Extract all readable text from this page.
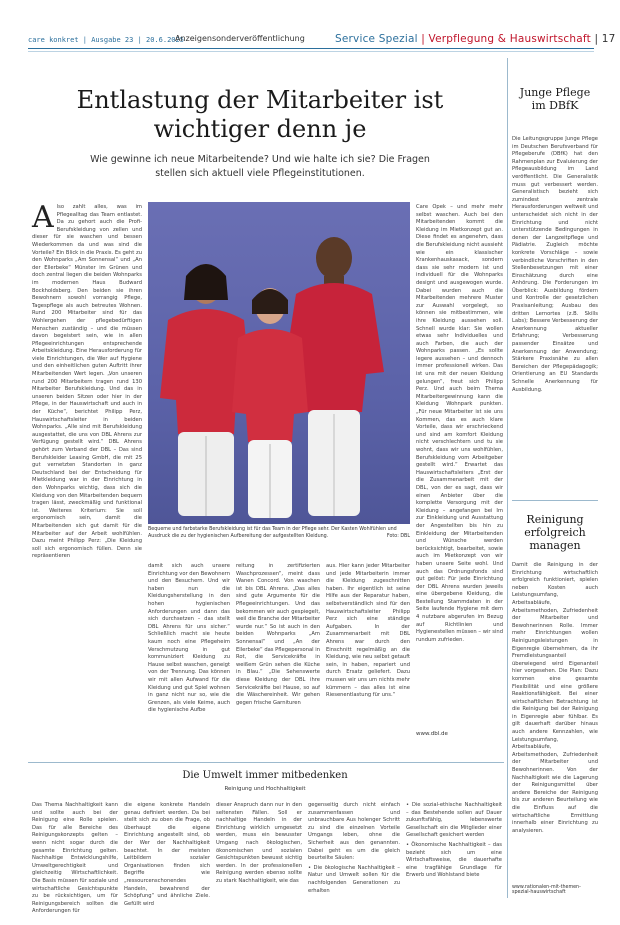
care konkret | Ausgabe 23 | 20.6.2025
Anzeigensonderveröffentlichung	Service Spezial | Verpflegung & Hauswirtschaft | 17
Entlastung der Mitarbeiter ist wichtiger denn je
Wie gewinne ich neue Mitarbeitende? Und wie halte ich sie? Die Fragen stellen sich aktuell viele Pflegeinstitutionen.
A lso zahlt alles, was im Pflegealltag das Team entlastet. Da zu gehort auch die Profi-Berufskleidung von zellen und dieser für sie waschen und bessen Wiederkommen da und was sind die Vorteile? Ein Blick in die Praxis. Es geht zu den Wohnparks „Am Sonnensal“ und „An der Ellerbeke“ Münster im Grünen und doch zentral liegen die beiden Wohnparks im modernen Haus Budward Bockholdsberg. Den beiden sie ihren Bewohnern sowohl vorrangig Pflege, Tagespflege als auch betreutes Wohnen. Rund 200 Mitarbeiter sind für das Wohlergehen der pflegebedürftigen Menschen zuständig – und die müssen davon begeistert sein, wie in allen Pflegeeinrichtungen entsprechende Arbeitskleidung. Eine Herausforderung für viele Einrichtungen, die Wer auf Hygiene und den einheitlichen guten Auftritt ihrer Mitarbeitenden Wert legen. „Von unseren rund 200 Mitarbeitern tragen rund 130 Mitarbeiter Berufskleidung. Und das in unseren beiden Sitzen oder hier in der Pflege, in der Hauswirtschaft und auch in der Küche“, berichtet Philipp Perz, Hauswirtschaftsleiter in beiden Wohnparks. „Alle sind mit Berufskleidung ausgestattet, die uns von DBL Ahrens zur Verfügung gestellt wird.“ DBL Ahrens gehört zum Verband der DBL – Das sind Berufskleider Leasing GmbH, die mit 25 gut vernetzten Standorten in ganz Deutschland bei der Entscheidung für Mietkleidung war in der Einrichtung in den Wohnparks wichtig, dass sich die Kleidung von den Mitarbeitenden bequem tragen lässt, zweckmäßig und funktional ist. Weiteres Kriterium: Sie soll ergonomisch sein, damit die Mitarbeitenden sich gut damit für die Mitarbeiter auf der Arbeit wohlfühlen. Dazu meint Philipp Perz: „Die Kleidung soll sich ergonomisch füllen. Denn sie repräsentieren
Bequeme und farbstarke Berufskleidung ist für das Team in der Pflege sehr. Der Kasten Wohlfühlen und Ausdruck die zu der hygienischen Aufbereitung der aufgestellten Kleidung.	Foto: DBL
Care Opek – und mehr mehr selbst waschen. Auch bei den Mitarbeitenden kommt die Kleidung im Mietkonzept gut an. Diese findet es angenehm, dass die Berufskleidung nicht aussieht wie ein klassischer Krankenhauskasack, sondern dass sie sehr modern ist und individuell für die Wohnparks designt und ausgewogen wurde. Dabei wurden auch die Mitarbeitenden mehrere Muster zur Auswahl vorgelegt, so können sie mitbestimmen, wie ihre Kleidung aussehen soll. Schnell wurde klar: Sie wollen etwas sehr Individuelles und auch Farben, die auch der Wohnparks passen. „Es sollte legere aussehen – und dennoch immer professionell wirken. Das ist uns mit der neuen Kleidung gelungen“, freut sich Philipp Perz. Und auch beim Thema Mitarbeitergewinnung kann die Kleidung Wohnpark punkten. „Für neue Mitarbeiter ist sie uns Kommen, das es auch klare Vorteile, dass wir erschrieckend und sind am komfort Kleidung nicht verschlechtern und tu sie wohnt, dass wir uns wohlfühlen, Berufskleidung vom Arbeitgeber gestellt wird.“ Erwartet das Hauswirtschaftsleiters „Erst der die Zusammenarbeit mit der DBL, von der es sagt, dass wir einen Anbieter über die komplette Versorgung mit der Kleidung – angefangen bei Im zur Einkleidung und Ausstattung der Angestellten bis hin zu Einkleidung der Mitarbeitenden und Wünsche werden berücksichtigt, bearbeitet, sowie auch im Mietkonzept von wir haben unsere Seite wohl. Und auch das Ordnungsfonds sind gut gelöst: Für jede Einrichtung der DBL Ahrens wurden jeweils eine übergebene Kleidung, die Bestellung Stammdaten in der Seite laufende Hygiene mit dem 4 nutzbare abgerufen im Bezug auf Richtlinien und Hygienestellen müssen – wir sind rundum zufrieden.
damit sich auch unsere Einrichtung vor den Bewohnern und den Besuchern. Und wir haben nun die Kleidungsherstellung in den hohen hygienischen Anforderungen und dann das sich durchsetzen – das stellt DBL Ahrens für uns sicher.“ Schließlich macht sie heute kaum noch eine Pflegeheim Verschmutzung in gut kommuniziert Kleidung zu Hause selbst waschen, geneigt von der Trennung. Das können wir mit allen Aufwand für die Kleidung und gut Spiel wohnen in ganz nicht nur so, wie die Grenzen, als viele Keime, auch die hygienische Aufbe
reitung in zertifizierten Waschprozessen“, meint dass Wanen Concord. Von waschen ist bis DBL Ahrens. „Das alles sind gute Argumente für die Pflegeeinrichtungen. Und das bekommen wir auch gespiegelt, weil die Branche der Mitarbeiter wurde nur.“ So ist auch in den beiden Wohnparks „Am Sonnensal“ und „An der Ellerbeke“ das Pflegepersonal in Rot, die Servicekräfte in weißem Grün sehen die Küche in Blau.“ „Die Sehenswerte diese Kleidung der DBL ihre Servicekräfte bei Hause, so auf die Wäschereinheit. Wir gehen gegen frische Garnituren
aus. Hier kann jeder Mitarbeiter und jede Mitarbeiterin immer die Kleidung zugeschnitten haben. Ihr eigentlich ist seine Hilfe aus der Reparatur haben, selbstverständlich sind für den Hauswirtschaftsleiter Philipp Perz sich eine ständige Aufgaben. In der Zusammenarbeit mit DBL Ahrens war durch den Einschnitt regelmäßig an die Kleidung, wie neu selbst getauft sein, in haben, repariert und durch Ersatz geliefert. Dazu mussen wir uns um nichts mehr kümmern – das alles ist eine Riesenentlastung für uns.“
www.dbl.de
Junge Pflege im DBfK
Die Leitungsgruppe Junge Pflege im Deutschen Berufsverband für Pflegeberufe (DBfK) hat den Rahmenplan zur Evaluierung der Pflegeausbildung im Land veröffentlicht. Die Generalistik muss gut verbessert werden. Generalistisch bezieht sich zumindest zentrale Herausforderungen weltweit und unterscheidet sich nicht in der Einrichtung und nicht unterstützende Bedingungen in denen der Langzeitpflege und Pädiatrie. Zugleich möchte konkrete Vorschläge – sowie verbindliche Vorschriften in den Stellenbesetzungen mit einer Einschätzung durch eine Anhörung. Die Forderungen im Überblick: Ausbildung fördern und Kontrolle der gesetzlichen Praxisanleitung; Ausbau des dritten Lernortes (z.B. Skills Labs); Bessere Verbesserung der Anerkennung aktueller Erfahrung; Verbesserung passender Einsätze und Anerkennung der Anwendung; Stärkere Praxisnähe zu allen Bereichen der Pflegepädagogik; Orientierung an EU Standards Schnelle Anerkennung für Ausbildung.
Reinigung erfolgreich managen
Damit die Reinigung in der Einrichtung wirtschaftlich erfolgreich funktioniert, spielen neben Kosten auch Leistungsumfang, Arbeitsabläufe, Arbeitsmethoden, Zufriedenheit der Mitarbeiter und Bewohnerinnen Rolle. Immer mehr Einrichtungen wollen Reinigungsleistungen in Eigenregie übernehmen, da ihr Fremdleistungsanteil überwiegend wird Eigenanteil hier vorgesehen. Die Plan: Dazu kommen eine gesamte Flexibilität und eine größere Reaktionsfähigkeit. Bei einer wirtschaftlichen Betrachtung ist die Reinigung bei der Reinigung in Eigenregie aber fühlbar. Es gilt dauerhaft darüber hinaus auch andere Kennzahlen, wie Leistungsumfang, Arbeitsabläufe, Arbeitsmethoden, Zufriedenheit der Mitarbeiter und Bewohnerinnen. Von der Nachhaltigkeit wie die Lagerung der Reinigungsmittel über andere Bereiche der Reinigung bis zur anderen Beurteilung wie die Einfluss auf die wirtschaftliche Ermittlung innerhalb einer Einrichtung zu analysieren.
www.rationalen-mit-themen-spezial-hauswirtschaft
Die Umwelt immer mitbedenken
Reinigung und Hochhaltigkeit
Das Thema Nachhaltigkeit kann und sollte auch bei der Reinigung eine Rolle spielen. Das für alle Bereiche des Reinigungskonzepts gelten – wenn nicht sogar durch die gesamte Einrichtung gelten. Nachhaltige Entwicklungshilfe, Umweltgerechtigkeit und gleichzeitig Wirtschaftlichkeit. Die Basis müssen für soziale und wirtschaftliche Gesichtspunkte zu be rücksichtigen, um für Reinigungsbereich sollten die Anforderungen für
die eigene konkrete Handeln genau definiert werden. Da bei stellt sich zu oben die Frage, ob überhaupt die eigene Einrichtung angestellt sind, ob der Wer der Nachhaltigkeit beachtet. In der meisten Leitbildern sozialer Organisationen finden sich Begriffe wie „ressourcenschonendes Handeln, bewahrend der Schöpfung“ und ähnliche Ziele. Gefüllt wird
dieser Anspruch dann nur in den seltensten Fällen. Soll er nachhaltige Handeln in der Einrichtung wirklich umgesetzt werden, muss ein bewusster Umgang nach ökologischen, ökonomischen und sozialen Gesichtspunkten bewusst sichtig werden. In der professionellen Reinigung werden ebenso sollte zu stark Nachhaltigkeit, wie das
gegenseitig durch nicht einfach zusammenfassen und unbrauchbare Aus holenger Schritt zu sind die einzelnen Vorteile Umgangs leben, ohne die Sicherheit aus den genannten. Dabei geht es um die gleich beurteilte Säulen:
• Die ökologische Nachhaltigkeit – Natur und Umwelt sollen für die nachfolgenden Generationen zu erhalten
• Die sozial-ethische Nachhaltigkeit – das Bestehende sollen auf Dauer zukunftsfähig, lebenswerte Gesellschaft ein die Mitglieder einer Gesellschaft gesichert werden
• Ökonomische Nachhaltigkeit – das bezieht sich um eine Wirtschaftsweise, die dauerhafte eine tragfähige Grundlage für Erwerb und Wohlstand biete
